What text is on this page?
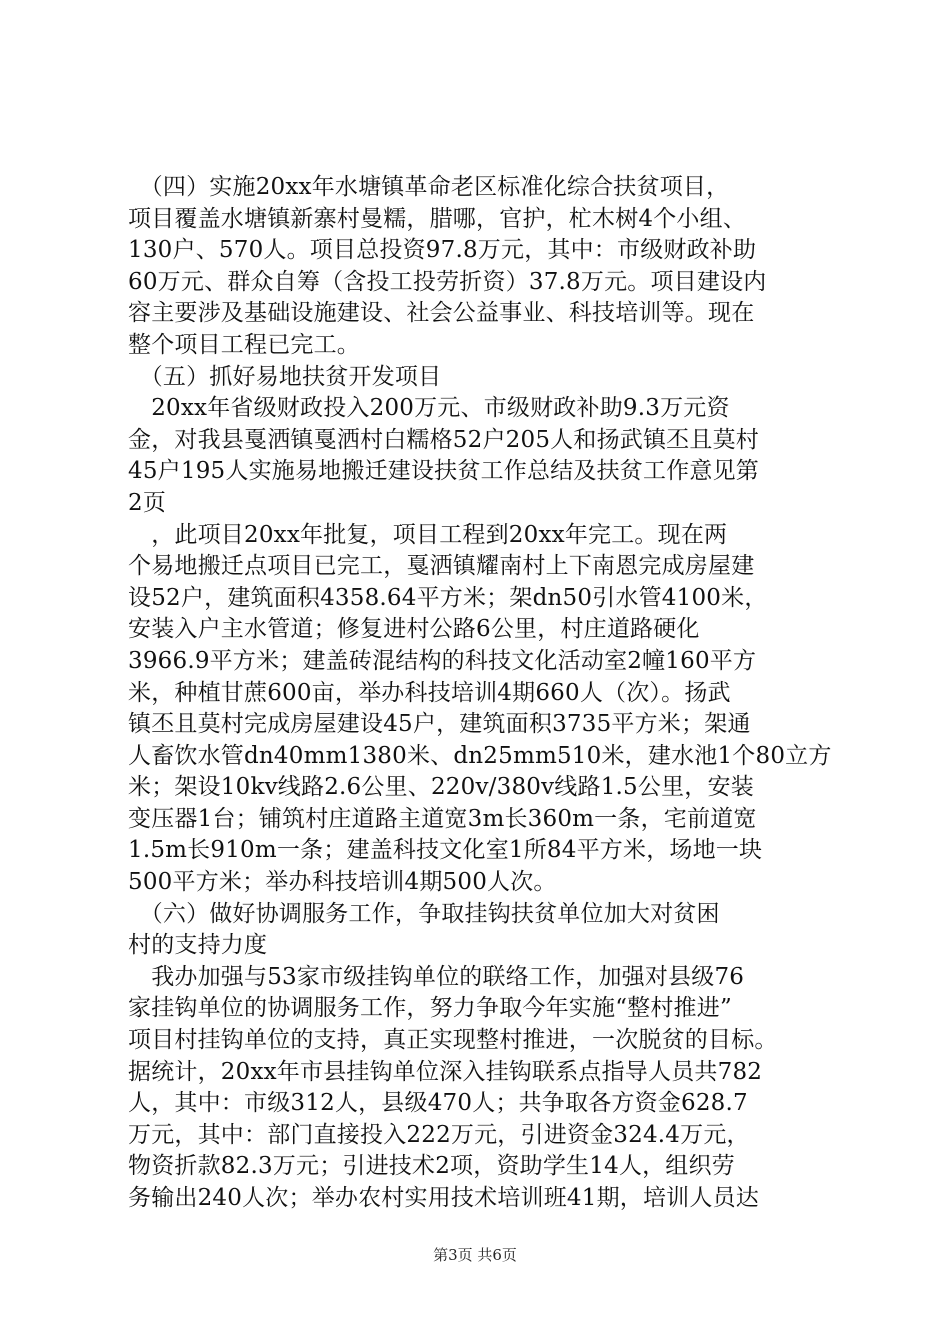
　（四）实施20xx年水塘镇革命老区标准化综合扶贫项目，
项目覆盖水塘镇新寨村曼糯，腊哪，官护，杧木树4个小组、
130户、570人。项目总投资97.8万元，其中：市级财政补助
60万元、群众自筹（含投工投劳折资）37.8万元。项目建设内
容主要涉及基础设施建设、社会公益事业、科技培训等。现在
整个项目工程已完工。
　（五）抓好易地扶贫开发项目
　20xx年省级财政投入200万元、市级财政补助9.3万元资
金，对我县戛洒镇戛洒村白糯格52户205人和扬武镇丕且莫村
45户195人实施易地搬迁建设扶贫工作总结及扶贫工作意见第
2页
　，此项目20xx年批复，项目工程到20xx年完工。现在两
个易地搬迁点项目已完工，戛洒镇耀南村上下南恩完成房屋建
设52户，建筑面积4358.64平方米；架dn50引水管4100米，
安装入户主水管道；修复进村公路6公里，村庄道路硬化
3966.9平方米；建盖砖混结构的科技文化活动室2幢160平方
米，种植甘蔗600亩，举办科技培训4期660人（次）。扬武
镇丕且莫村完成房屋建设45户，建筑面积3735平方米；架通
人畜饮水管dn40mm1380米、dn25mm510米，建水池1个80立方
米；架设10kv线路2.6公里、220v/380v线路1.5公里，安装
变压器1台；铺筑村庄道路主道宽3m长360m一条，宅前道宽
1.5m长910m一条；建盖科技文化室1所84平方米，场地一块
500平方米；举办科技培训4期500人次。
　（六）做好协调服务工作，争取挂钩扶贫单位加大对贫困
村的支持力度
　我办加强与53家市级挂钩单位的联络工作，加强对县级76
家挂钩单位的协调服务工作，努力争取今年实施“整村推进”
项目村挂钩单位的支持，真正实现整村推进，一次脱贫的目标。
据统计，20xx年市县挂钩单位深入挂钩联系点指导人员共782
人，其中：市级312人，县级470人；共争取各方资金628.7
万元，其中：部门直接投入222万元，引进资金324.4万元，
物资折款82.3万元；引进技术2项，资助学生14人，组织劳
务输出240人次；举办农村实用技术培训班41期，培训人员达
第3页 共6页
